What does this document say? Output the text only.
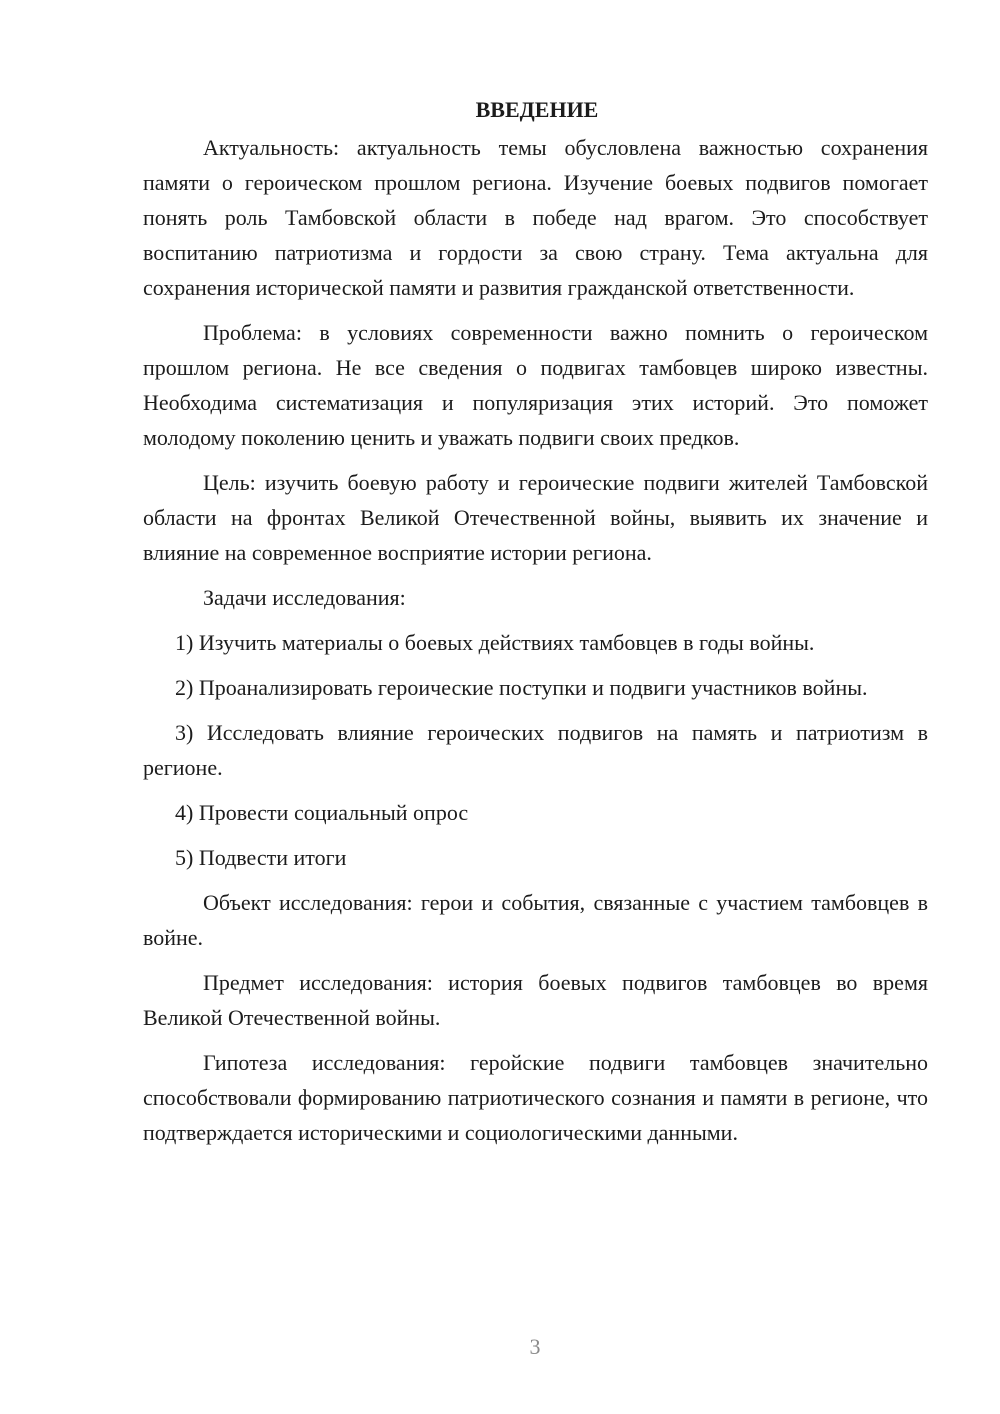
ВВЕДЕНИЕ

Актуальность: актуальность темы обусловлена важностью сохранения памяти о героическом прошлом региона. Изучение боевых подвигов помогает понять роль Тамбовской области в победе над врагом. Это способствует воспитанию патриотизма и гордости за свою страну. Тема актуальна для сохранения исторической памяти и развития гражданской ответственности.

Проблема: в условиях современности важно помнить о героическом прошлом региона. Не все сведения о подвигах тамбовцев широко известны. Необходима систематизация и популяризация этих историй. Это поможет молодому поколению ценить и уважать подвиги своих предков.

Цель: изучить боевую работу и героические подвиги жителей Тамбовской области на фронтах Великой Отечественной войны, выявить их значение и влияние на современное восприятие истории региона.

Задачи исследования:

1) Изучить материалы о боевых действиях тамбовцев в годы войны.

2) Проанализировать героические поступки и подвиги участников войны.

3) Исследовать влияние героических подвигов на память и патриотизм в регионе.

4) Провести социальный опрос

5) Подвести итоги

Объект исследования: герои и события, связанные с участием тамбовцев в войне.

Предмет исследования: история боевых подвигов тамбовцев во время Великой Отечественной войны.

Гипотеза исследования: геройские подвиги тамбовцев значительно способствовали формированию патриотического сознания и памяти в регионе, что подтверждается историческими и социологическими данными.

3
